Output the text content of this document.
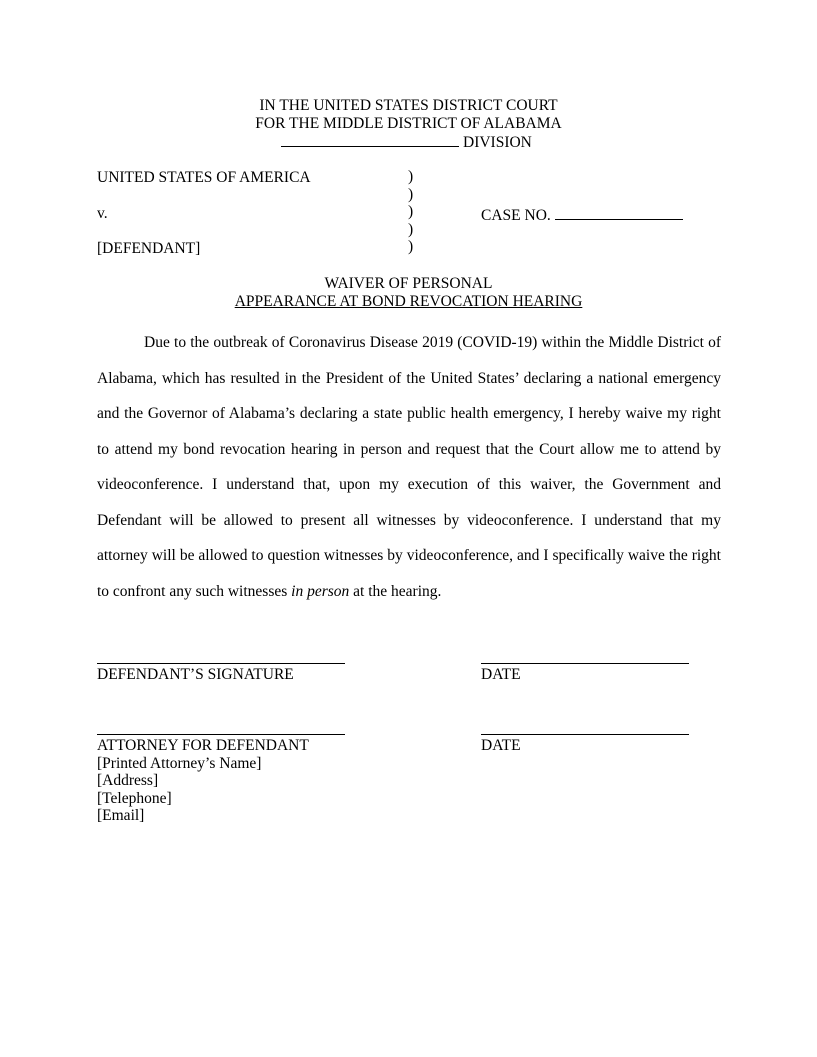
IN THE UNITED STATES DISTRICT COURT
FOR THE MIDDLE DISTRICT OF ALABAMA
DIVISION
UNITED STATES OF AMERICA
v.
[DEFENDANT]
)
)
)
)
)
CASE NO.
WAIVER OF PERSONAL
APPEARANCE AT BOND REVOCATION HEARING
Due to the outbreak of Coronavirus Disease 2019 (COVID-19) within the Middle District of Alabama, which has resulted in the President of the United States’ declaring a national emergency and the Governor of Alabama’s declaring a state public health emergency, I hereby waive my right to attend my bond revocation hearing in person and request that the Court allow me to attend by videoconference. I understand that, upon my execution of this waiver, the Government and Defendant will be allowed to present all witnesses by videoconference. I understand that my attorney will be allowed to question witnesses by videoconference, and I specifically waive the right to confront any such witnesses in person at the hearing.
DEFENDANT’S SIGNATURE	DATE
ATTORNEY FOR DEFENDANT	DATE
[Printed Attorney’s Name]
[Address]
[Telephone]
[Email]
